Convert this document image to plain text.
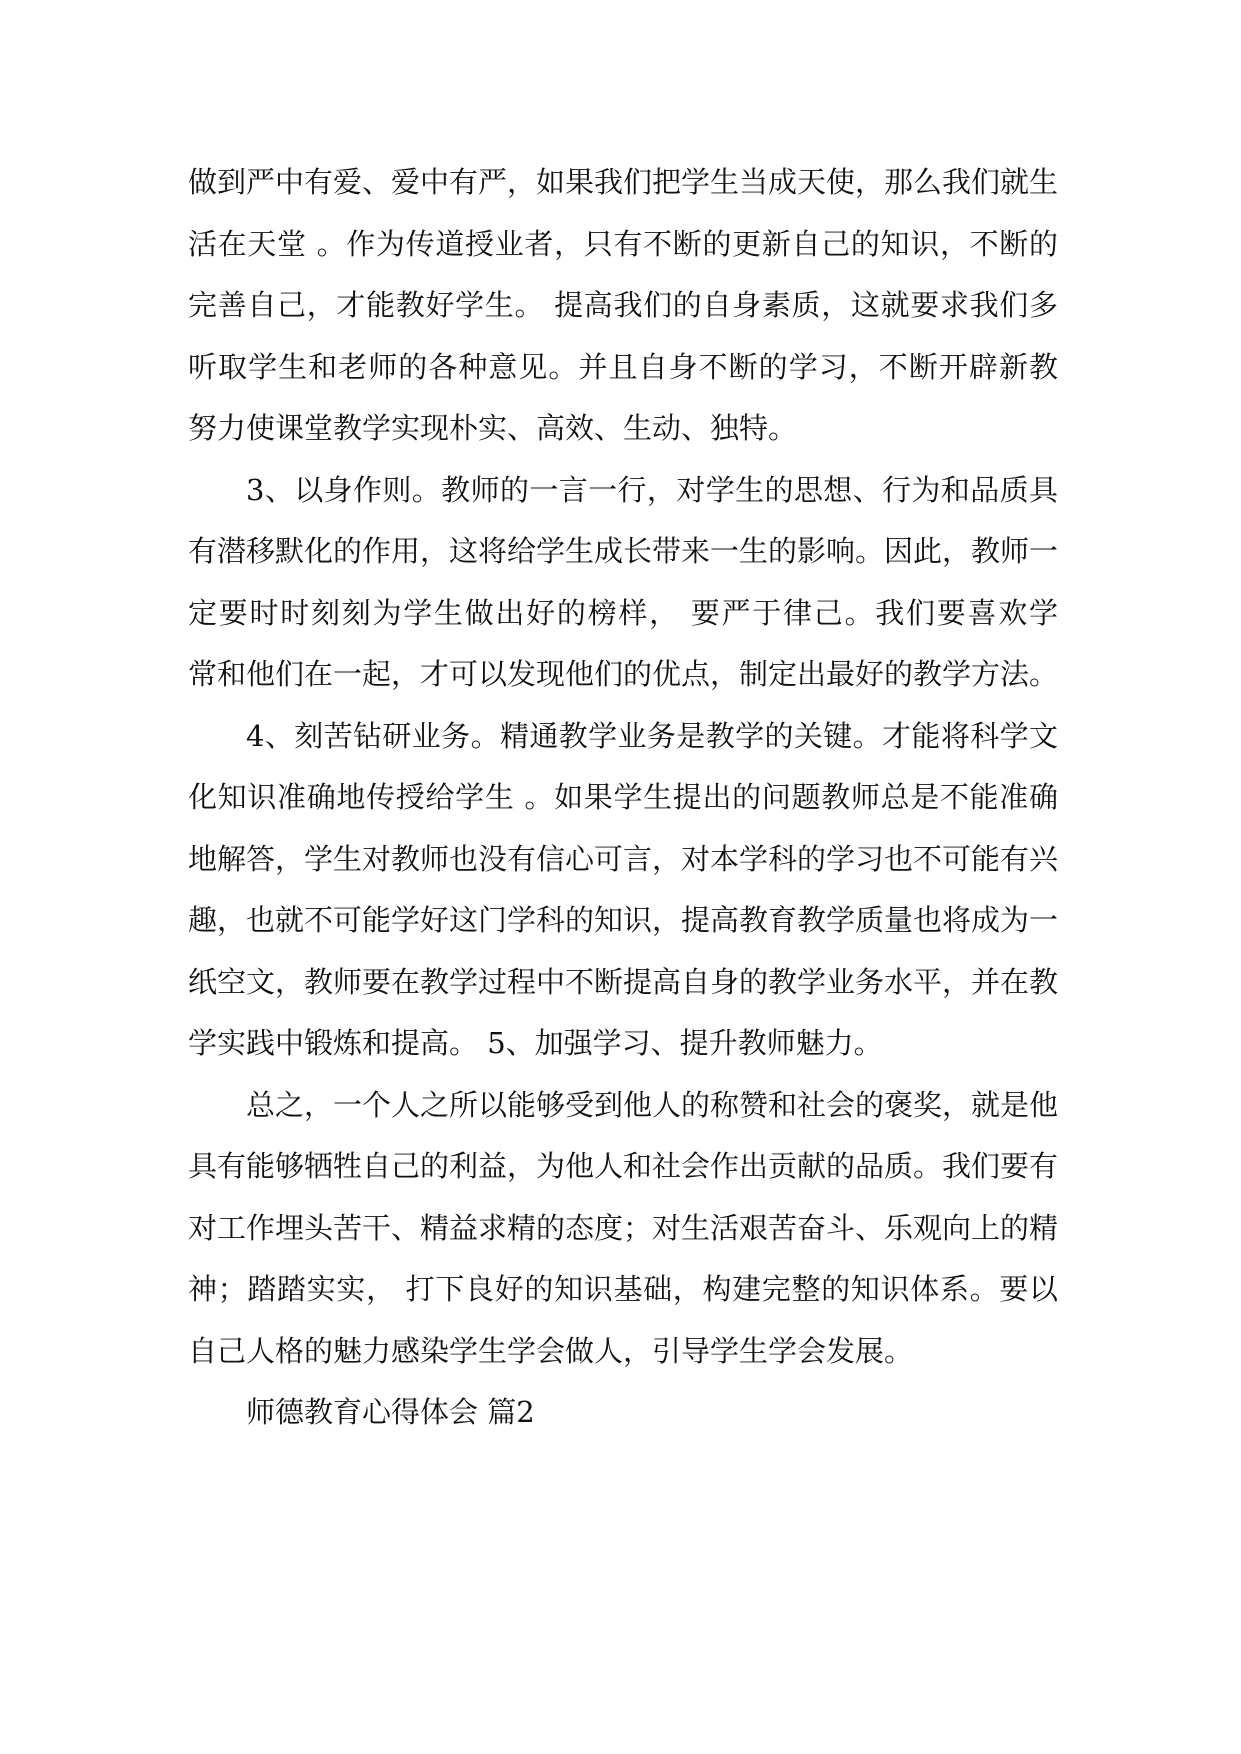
做到严中有爱、爱中有严，如果我们把学生当成天使，那么我们就生
活在天堂 。作为传道授业者，只有不断的更新自己的知识，不断的
完善自己，才能教好学生。 提高我们的自身素质，这就要求我们多
听取学生和老师的各种意见。并且自身不断的学习，不断开辟新教
努力使课堂教学实现朴实、高效、生动、独特。
3、以身作则。教师的一言一行，对学生的思想、行为和品质具
有潜移默化的作用，这将给学生成长带来一生的影响。因此，教师一
定要时时刻刻为学生做出好的榜样， 要严于律己。我们要喜欢学
常和他们在一起，才可以发现他们的优点，制定出最好的教学方法。
4、刻苦钻研业务。精通教学业务是教学的关键。才能将科学文
化知识准确地传授给学生 。如果学生提出的问题教师总是不能准确
地解答，学生对教师也没有信心可言，对本学科的学习也不可能有兴
趣，也就不可能学好这门学科的知识，提高教育教学质量也将成为一
纸空文，教师要在教学过程中不断提高自身的教学业务水平，并在教
学实践中锻炼和提高。 5、加强学习、提升教师魅力。
总之，一个人之所以能够受到他人的称赞和社会的褒奖，就是他
具有能够牺牲自己的利益，为他人和社会作出贡献的品质。我们要有
对工作埋头苦干、精益求精的态度；对生活艰苦奋斗、乐观向上的精
神；踏踏实实， 打下良好的知识基础，构建完整的知识体系。要以
自己人格的魅力感染学生学会做人，引导学生学会发展。
师德教育心得体会 篇2
